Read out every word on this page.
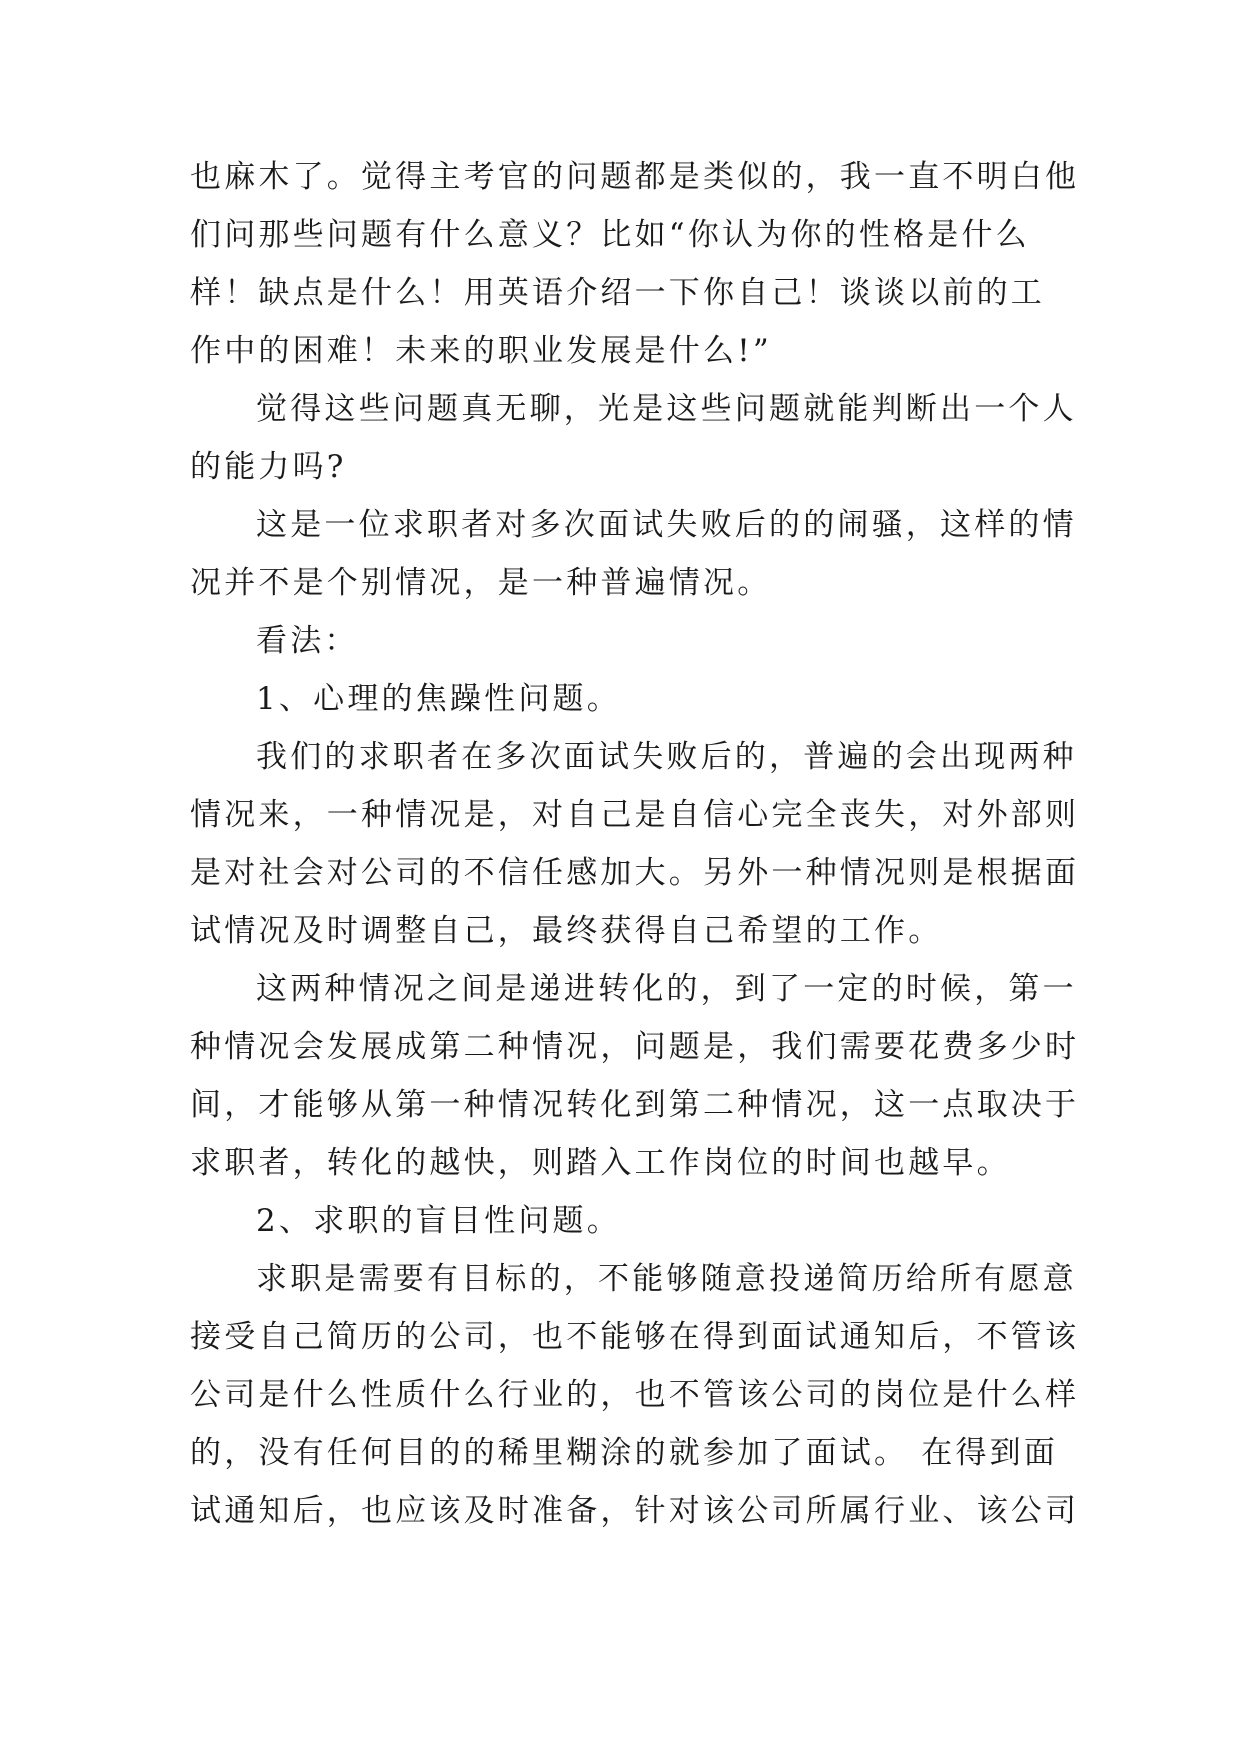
也麻木了。觉得主考官的问题都是类似的，我一直不明白他
们问那些问题有什么意义？比如“你认为你的性格是什么
样！缺点是什么！用英语介绍一下你自己！谈谈以前的工
作中的困难！未来的职业发展是什么!”
觉得这些问题真无聊，光是这些问题就能判断出一个人
的能力吗?
这是一位求职者对多次面试失败后的的闹骚，这样的情
况并不是个别情况，是一种普遍情况。
看法：
1、心理的焦躁性问题。
我们的求职者在多次面试失败后的，普遍的会出现两种
情况来，一种情况是，对自己是自信心完全丧失，对外部则
是对社会对公司的不信任感加大。另外一种情况则是根据面
试情况及时调整自己，最终获得自己希望的工作。
这两种情况之间是递进转化的，到了一定的时候，第一
种情况会发展成第二种情况，问题是，我们需要花费多少时
间，才能够从第一种情况转化到第二种情况，这一点取决于
求职者，转化的越快，则踏入工作岗位的时间也越早。
2、求职的盲目性问题。
求职是需要有目标的，不能够随意投递简历给所有愿意
接受自己简历的公司，也不能够在得到面试通知后，不管该
公司是什么性质什么行业的，也不管该公司的岗位是什么样
的，没有任何目的的稀里糊涂的就参加了面试。 在得到面
试通知后，也应该及时准备，针对该公司所属行业、该公司
